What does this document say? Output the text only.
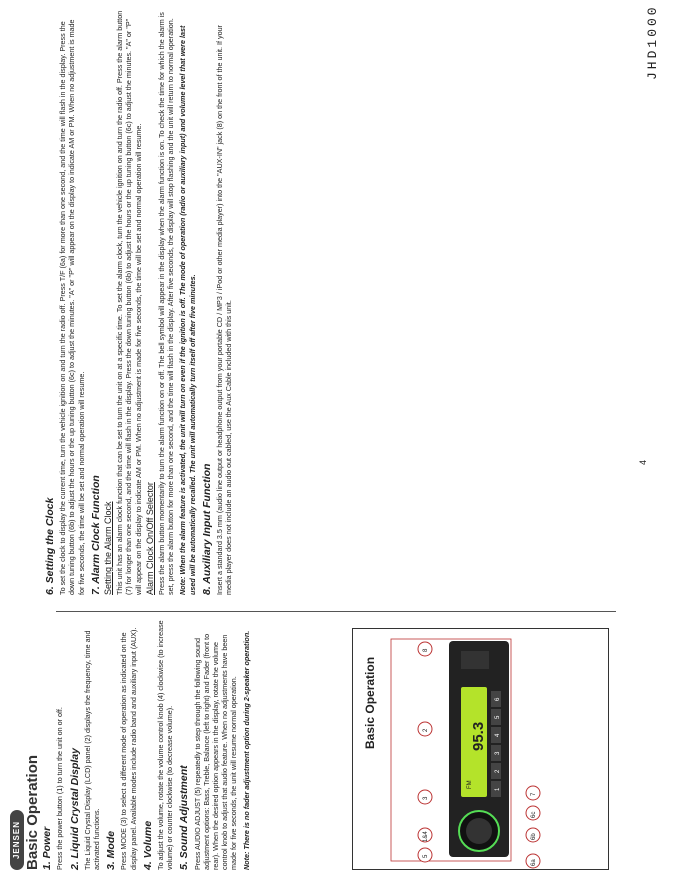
JENSEN Basic Operation 1. Power Press the power button (1) to turn the unit on or off. 2. Liquid Crystal Display The Liquid Crystal Display (LCD) panel (2) displays the frequency, time and activated functions. 3. Mode Press MODE (3) to select a different mode of operation as indicated on the display panel. Available modes include radio band and auxiliary input (AUX). 4. Volume To adjust the volume, rotate the volume control knob (4) clockwise (to increase volume) or counter clockwise (to decrease volume). 5. Sound Adjustment Press AUDIO ADJUST (5) repeatedly to step through the following sound adjustment options: Bass, Treble, Balance (left to right) and Fader (front to rear). When the desired option appears in the display, rotate the volume control knob to adjust that audio feature. When no adjustments have been made for five seconds, the unit will resume normal operation. Note: There is no fader adjustment option during 2-speaker operation.	Basic Operation
FM
95.3
1
2
3
4
5
6
5
1&4
3
2
8
6a
6b
6c
7
4
6. Setting the Clock To set the clock to display the current time, turn the vehicle ignition on and turn the radio off. Press T/F (6a) for more than one second, and the time will flash in the display. Press the down tuning button (6b) to adjust the hours or the up tuning button (6c) to adjust the minutes. "A" or "P" will appear on the display to indicate AM or PM. When no adjustment is made for five seconds, the time will be set and normal operation will resume. 7. Alarm Clock Function Setting the Alarm Clock This unit has an alarm clock function that can be set to turn the unit on at a specific time. To set the alarm clock, turn the vehicle ignition on and turn the radio off. Press the alarm button (7) for longer than one second, and the time will flash in the display. Press the down tuning button (6b) to adjust the hours or the up tuning button (6c) to adjust the minutes. "A" or "P" will appear on the display to indicate AM or PM. When no adjustment is made for five seconds, the time will be set and normal operation will resume. Alarm Clock On/Off Selector Press the alarm button momentarily to turn the alarm function on or off. The bell symbol will appear in the display when the alarm function is on. To check the time for which the alarm is set, press the alarm button for more than one second, and the time will flash in the display. After five seconds, the display will stop flashing and the unit will return to normal operation. Note: When the alarm feature is activated, the unit will turn on even if the ignition is off. The mode of operation (radio or auxiliary input) and volume level that were last used will be automatically recalled. The unit will automatically turn itself off after five minutes. 8. Auxiliary Input Function Insert a standard 3.5 mm (audio line output or headphone output from your portable CD / MP3 / iPod or other media player) into the "AUX-IN" jack (8) on the front of the unit. If your media player does not include an audio out cabled, use the Aux Cable included with this unit.

JHD1000
